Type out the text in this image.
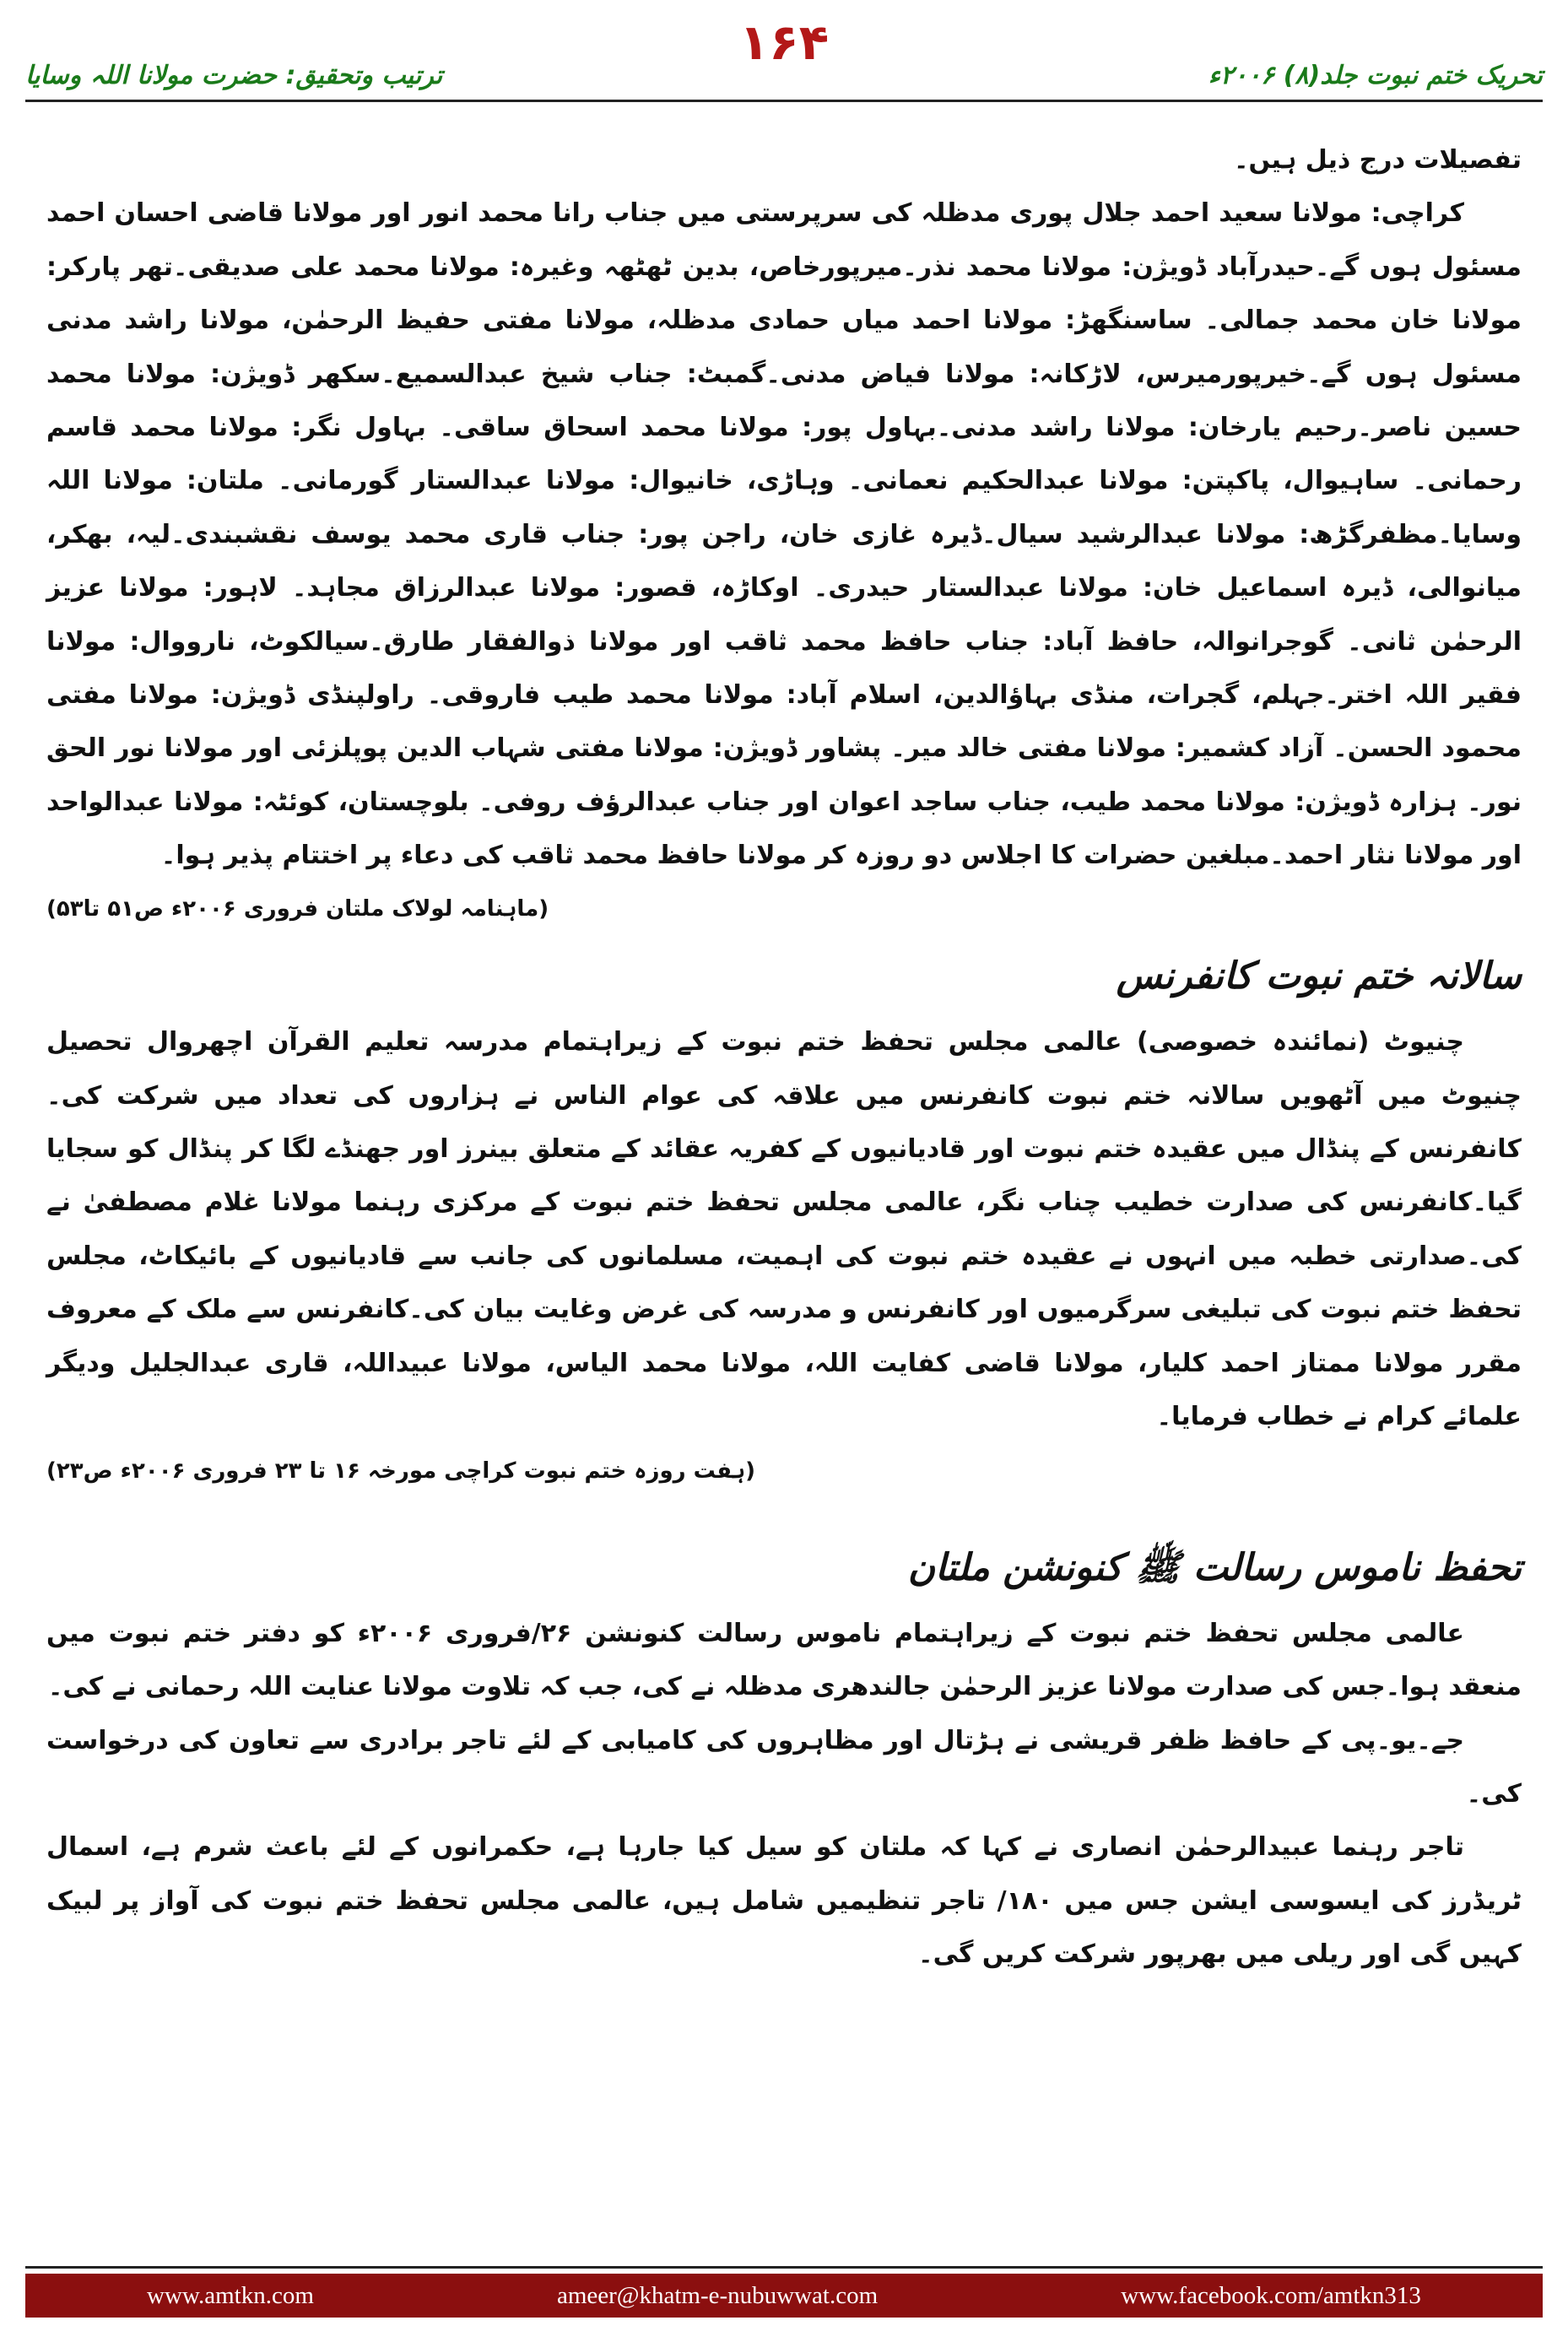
تحریک ختم نبوت جلد(۸) ۲۰۰۶ء
۱۶۴
ترتیب وتحقیق: حضرت مولانا اللہ وسایا

تفصیلات درج ذیل ہیں۔

کراچی: مولانا سعید احمد جلال پوری مدظلہ کی سرپرستی میں جناب رانا محمد انور اور مولانا قاضی احسان احمد مسئول ہوں گے۔حیدرآباد ڈویژن: مولانا محمد نذر۔میرپورخاص، بدین ٹھٹھہ وغیرہ: مولانا محمد علی صدیقی۔تھر پارکر: مولانا خان محمد جمالی۔ ساسنگھڑ: مولانا احمد میاں حمادی مدظلہ، مولانا مفتی حفیظ الرحمٰن، مولانا راشد مدنی مسئول ہوں گے۔خیرپورمیرس، لاڑکانہ: مولانا فیاض مدنی۔گمبٹ: جناب شیخ عبدالسمیع۔سکھر ڈویژن: مولانا محمد حسین ناصر۔رحیم یارخان: مولانا راشد مدنی۔بہاول پور: مولانا محمد اسحاق ساقی۔ بہاول نگر: مولانا محمد قاسم رحمانی۔ ساہیوال، پاکپتن: مولانا عبدالحکیم نعمانی۔ وہاڑی، خانیوال: مولانا عبدالستار گورمانی۔ ملتان: مولانا اللہ وسایا۔مظفرگڑھ: مولانا عبدالرشید سیال۔ڈیرہ غازی خان، راجن پور: جناب قاری محمد یوسف نقشبندی۔لیہ، بھکر، میانوالی، ڈیرہ اسماعیل خان: مولانا عبدالستار حیدری۔ اوکاڑہ، قصور: مولانا عبدالرزاق مجاہد۔ لاہور: مولانا عزیز الرحمٰن ثانی۔ گوجرانوالہ، حافظ آباد: جناب حافظ محمد ثاقب اور مولانا ذوالفقار طارق۔سیالکوٹ، نارووال: مولانا فقیر اللہ اختر۔جہلم، گجرات، منڈی بہاؤالدین، اسلام آباد: مولانا محمد طیب فاروقی۔ راولپنڈی ڈویژن: مولانا مفتی محمود الحسن۔ آزاد کشمیر: مولانا مفتی خالد میر۔ پشاور ڈویژن: مولانا مفتی شہاب الدین پوپلزئی اور مولانا نور الحق نور۔ ہزارہ ڈویژن: مولانا محمد طیب، جناب ساجد اعوان اور جناب عبدالرؤف روفی۔ بلوچستان، کوئٹہ: مولانا عبدالواحد اور مولانا نثار احمد۔مبلغین حضرات کا اجلاس دو روزہ کر مولانا حافظ محمد ثاقب کی دعاء پر اختتام پذیر ہوا۔

(ماہنامہ لولاک ملتان فروری ۲۰۰۶ء ص۵۱ تا۵۳)

سالانہ ختم نبوت کانفرنس

چنیوٹ (نمائندہ خصوصی) عالمی مجلس تحفظ ختم نبوت کے زیراہتمام مدرسہ تعلیم القرآن اچھروال تحصیل چنیوٹ میں آٹھویں سالانہ ختم نبوت کانفرنس میں علاقہ کی عوام الناس نے ہزاروں کی تعداد میں شرکت کی۔کانفرنس کے پنڈال میں عقیدہ ختم نبوت اور قادیانیوں کے کفریہ عقائد کے متعلق بینرز اور جھنڈے لگا کر پنڈال کو سجایا گیا۔کانفرنس کی صدارت خطیب چناب نگر، عالمی مجلس تحفظ ختم نبوت کے مرکزی رہنما مولانا غلام مصطفیٰ نے کی۔صدارتی خطبہ میں انہوں نے عقیدہ ختم نبوت کی اہمیت، مسلمانوں کی جانب سے قادیانیوں کے بائیکاٹ، مجلس تحفظ ختم نبوت کی تبلیغی سرگرمیوں اور کانفرنس و مدرسہ کی غرض وغایت بیان کی۔کانفرنس سے ملک کے معروف مقرر مولانا ممتاز احمد کلیار، مولانا قاضی کفایت اللہ، مولانا محمد الیاس، مولانا عبیداللہ، قاری عبدالجلیل ودیگر علمائے کرام نے خطاب فرمایا۔

(ہفت روزہ ختم نبوت کراچی مورخہ ۱۶ تا ۲۳ فروری ۲۰۰۶ء ص۲۳)

تحفظ ناموس رسالت ﷺ کنونشن ملتان

عالمی مجلس تحفظ ختم نبوت کے زیراہتمام ناموس رسالت کنونشن ۲۶/فروری ۲۰۰۶ء کو دفتر ختم نبوت میں منعقد ہوا۔جس کی صدارت مولانا عزیز الرحمٰن جالندھری مدظلہ نے کی، جب کہ تلاوت مولانا عنایت اللہ رحمانی نے کی۔

جے۔یو۔پی کے حافظ ظفر قریشی نے ہڑتال اور مظاہروں کی کامیابی کے لئے تاجر برادری سے تعاون کی درخواست کی۔

تاجر رہنما عبیدالرحمٰن انصاری نے کہا کہ ملتان کو سیل کیا جارہا ہے، حکمرانوں کے لئے باعث شرم ہے، اسمال ٹریڈرز کی ایسوسی ایشن جس میں ۱۸۰/ تاجر تنظیمیں شامل ہیں، عالمی مجلس تحفظ ختم نبوت کی آواز پر لبیک کہیں گی اور ریلی میں بھرپور شرکت کریں گی۔

www.amtkn.com	ameer@khatm-e-nubuwwat.com	www.facebook.com/amtkn313
